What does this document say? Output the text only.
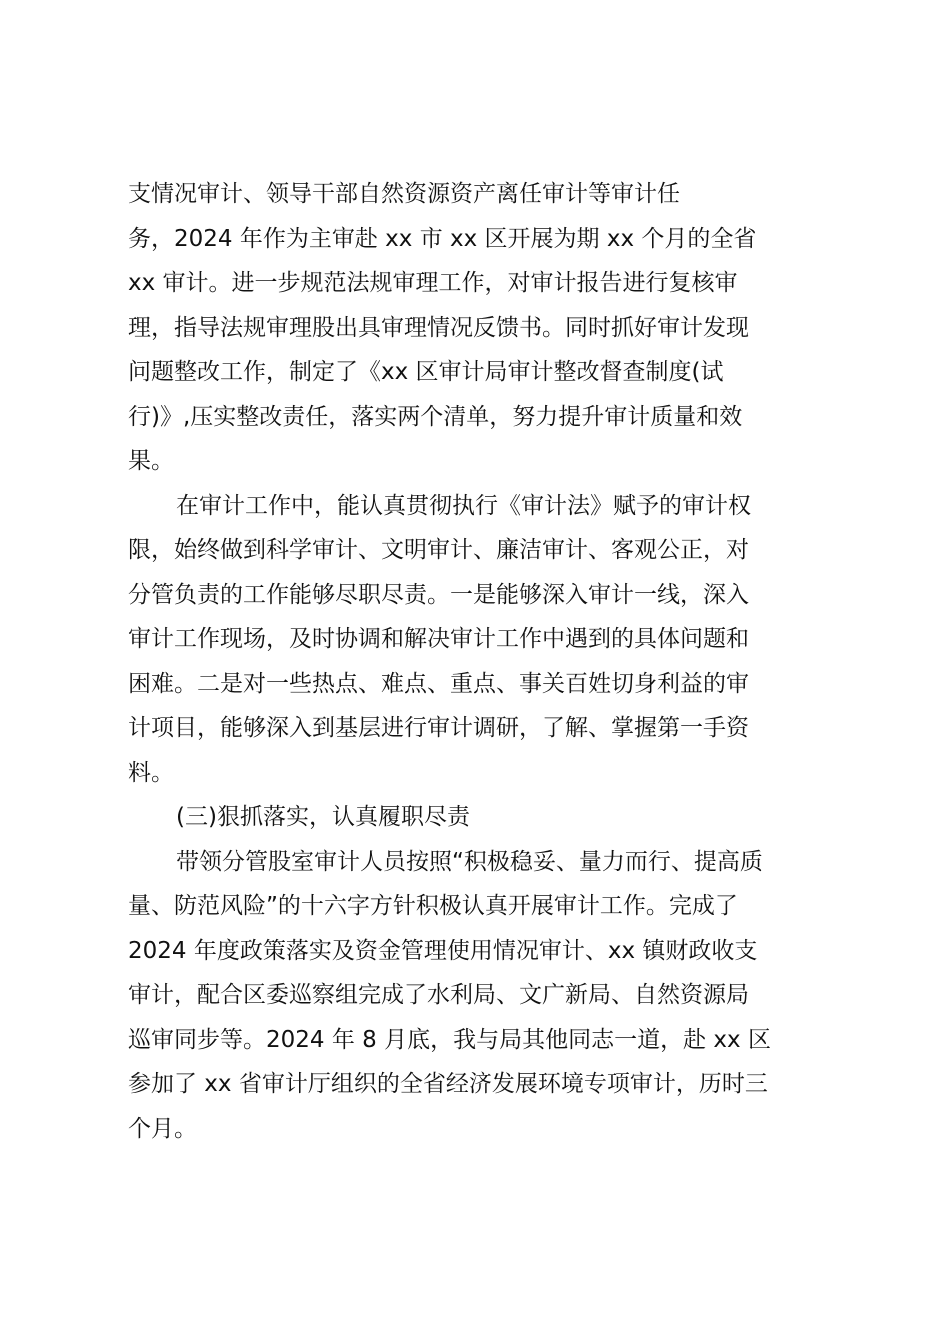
支情况审计、领导干部自然资源资产离任审计等审计任
务，2024 年作为主审赴 xx 市 xx 区开展为期 xx 个月的全省
xx 审计。进一步规范法规审理工作，对审计报告进行复核审
理，指导法规审理股出具审理情况反馈书。同时抓好审计发现
问题整改工作，制定了《xx 区审计局审计整改督查制度(试
行)》,压实整改责任，落实两个清单，努力提升审计质量和效
果。
在审计工作中，能认真贯彻执行《审计法》赋予的审计权
限，始终做到科学审计、文明审计、廉洁审计、客观公正，对
分管负责的工作能够尽职尽责。一是能够深入审计一线，深入
审计工作现场，及时协调和解决审计工作中遇到的具体问题和
困难。二是对一些热点、难点、重点、事关百姓切身利益的审
计项目，能够深入到基层进行审计调研，了解、掌握第一手资
料。
(三)狠抓落实，认真履职尽责
带领分管股室审计人员按照“积极稳妥、量力而行、提高质
量、防范风险”的十六字方针积极认真开展审计工作。完成了
2024 年度政策落实及资金管理使用情况审计、xx 镇财政收支
审计，配合区委巡察组完成了水利局、文广新局、自然资源局
巡审同步等。2024 年 8 月底，我与局其他同志一道，赴 xx 区
参加了 xx 省审计厅组织的全省经济发展环境专项审计，历时三
个月。
